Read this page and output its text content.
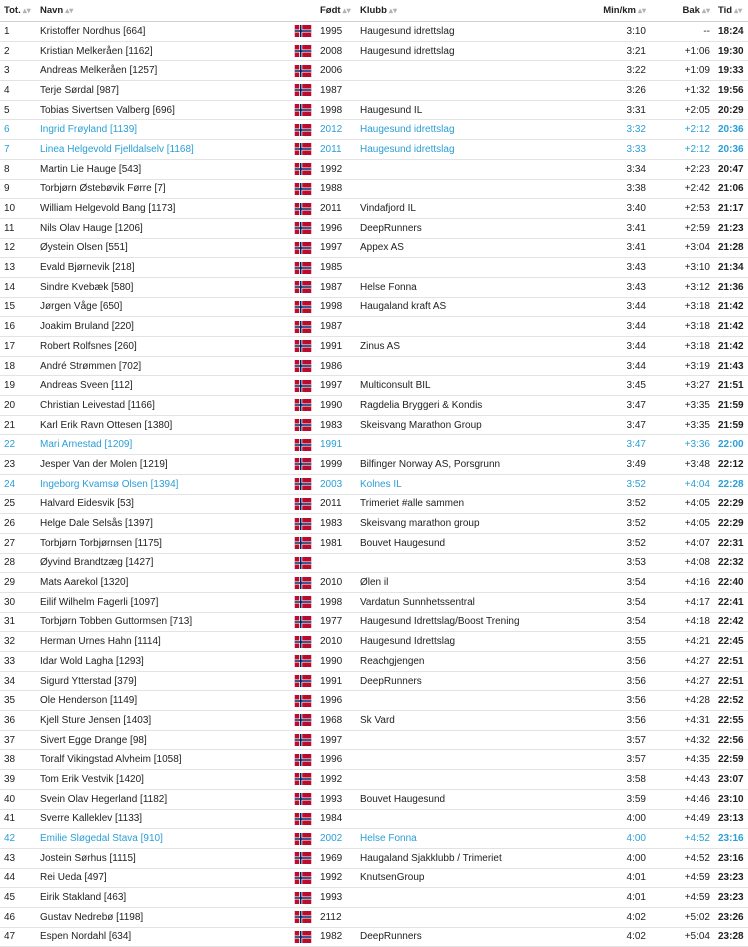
Tot. ▴▾	Navn ▴▾		Født ▴▾	Klubb ▴▾	Min/km ▴▾	Bak ▴▾	Tid ▴▾
1	Kristoffer Nordhus [664]		1995	Haugesund idrettslag	3:10	--	18:24
2	Kristian Melkeråen [1162]		2008	Haugesund idrettslag	3:21	+1:06	19:30
3	Andreas Melkeråen [1257]		2006		3:22	+1:09	19:33
4	Terje Sørdal [987]		1987		3:26	+1:32	19:56
5	Tobias Sivertsen Valberg [696]		1998	Haugesund IL	3:31	+2:05	20:29
6	Ingrid Frøyland [1139]		2012	Haugesund idrettslag	3:32	+2:12	20:36
7	Linea Helgevold Fjelldalselv [1168]		2011	Haugesund idrettslag	3:33	+2:12	20:36
8	Martin Lie Hauge [543]		1992		3:34	+2:23	20:47
9	Torbjørn Østebøvik Førre [7]		1988		3:38	+2:42	21:06
10	William Helgevold Bang [1173]		2011	Vindafjord IL	3:40	+2:53	21:17
11	Nils Olav Hauge [1206]		1996	DeepRunners	3:41	+2:59	21:23
12	Øystein Olsen [551]		1997	Appex AS	3:41	+3:04	21:28
13	Evald Bjørnevik [218]		1985		3:43	+3:10	21:34
14	Sindre Kvebæk [580]		1987	Helse Fonna	3:43	+3:12	21:36
15	Jørgen Våge [650]		1998	Haugaland kraft AS	3:44	+3:18	21:42
16	Joakim Bruland [220]		1987		3:44	+3:18	21:42
17	Robert Rolfsnes [260]		1991	Zinus AS	3:44	+3:18	21:42
18	André Strømmen [702]		1986		3:44	+3:19	21:43
19	Andreas Sveen [112]		1997	Multiconsult BIL	3:45	+3:27	21:51
20	Christian Leivestad [1166]		1990	Ragdelia Bryggeri & Kondis	3:47	+3:35	21:59
21	Karl Erik Ravn Ottesen [1380]		1983	Skeisvang Marathon Group	3:47	+3:35	21:59
22	Mari Arnestad [1209]		1991		3:47	+3:36	22:00
23	Jesper Van der Molen [1219]		1999	Bilfinger Norway AS, Porsgrunn	3:49	+3:48	22:12
24	Ingeborg Kvamsø Olsen [1394]		2003	Kolnes IL	3:52	+4:04	22:28
25	Halvard Eidesvik [53]		2011	Trimeriet #alle sammen	3:52	+4:05	22:29
26	Helge Dale Selsås [1397]		1983	Skeisvang marathon group	3:52	+4:05	22:29
27	Torbjørn Torbjørnsen [1175]		1981	Bouvet Haugesund	3:52	+4:07	22:31
28	Øyvind Brandtzæg [1427]				3:53	+4:08	22:32
29	Mats Aarekol [1320]		2010	Ølen il	3:54	+4:16	22:40
30	Eilif Wilhelm Fagerli [1097]		1998	Vardatun Sunnhetssentral	3:54	+4:17	22:41
31	Torbjørn Tobben Guttormsen [713]		1977	Haugesund Idrettslag/Boost Trening	3:54	+4:18	22:42
32	Herman Urnes Hahn [1114]		2010	Haugesund Idrettslag	3:55	+4:21	22:45
33	Idar Wold Lagha [1293]		1990	Reachgjengen	3:56	+4:27	22:51
34	Sigurd Ytterstad [379]		1991	DeepRunners	3:56	+4:27	22:51
35	Ole Henderson [1149]		1996		3:56	+4:28	22:52
36	Kjell Sture Jensen [1403]		1968	Sk Vard	3:56	+4:31	22:55
37	Sivert Egge Drange [98]		1997		3:57	+4:32	22:56
38	Toralf Vikingstad Alvheim [1058]		1996		3:57	+4:35	22:59
39	Tom Erik Vestvik [1420]		1992		3:58	+4:43	23:07
40	Svein Olav Hegerland [1182]		1993	Bouvet Haugesund	3:59	+4:46	23:10
41	Sverre Kalleklev [1133]		1984		4:00	+4:49	23:13
42	Emilie Sløgedal Stava [910]		2002	Helse Fonna	4:00	+4:52	23:16
43	Jostein Sørhus [1115]		1969	Haugaland Sjakklubb / Trimeriet	4:00	+4:52	23:16
44	Rei Ueda [497]		1992	KnutsenGroup	4:01	+4:59	23:23
45	Eirik Stakland [463]		1993		4:01	+4:59	23:23
46	Gustav Nedrebø [1198]		2112		4:02	+5:02	23:26
47	Espen Nordahl [634]		1982	DeepRunners	4:02	+5:04	23:28
